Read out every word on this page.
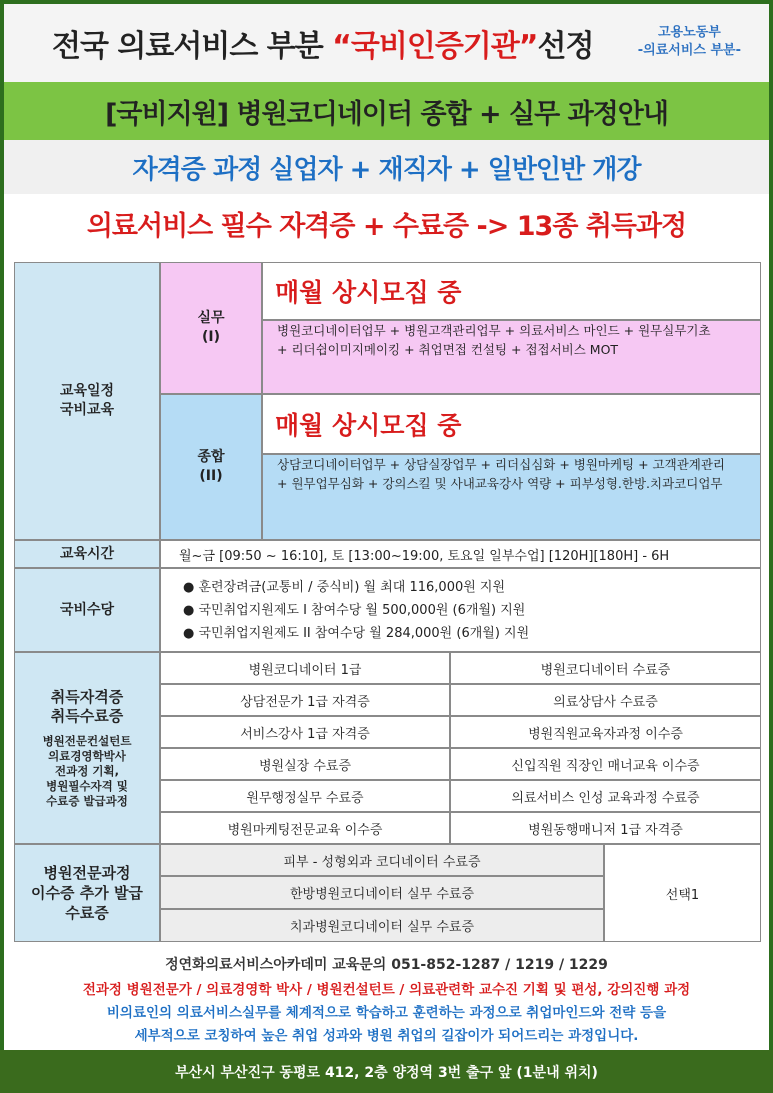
전국 의료서비스 부분 “국비인증기관”선정	고용노동부
-의료서비스 부분-
[국비지원] 병원코디네이터 종합 + 실무 과정안내
자격증 과정 실업자 + 재직자 + 일반인반 개강
의료서비스 필수 자격증 + 수료증 -> 13종 취득과정
교육일정
국비교육
실무
(I)
매월 상시모집 중
병원코디네이터업무 + 병원고객관리업무 + 의료서비스 마인드 + 원무실무기초
+ 리더쉽이미지메이킹 + 취업면접 컨설팅 + 접접서비스 MOT
종합
(II)
매월 상시모집 중
상담코디네이터업무 + 상담실장업무 + 리더십심화 + 병원마케팅 + 고객관계관리
+ 원무업무심화 + 강의스킬 및 사내교육강사 역량 + 피부성형.한방.치과코디업무
교육시간	월~금 [09:50 ~ 16:10], 토 [13:00~19:00, 토요일 일부수업] [120H][180H] - 6H
국비수당
● 훈련장려금(교통비 / 중식비) 월 최대 116,000원 지원
● 국민취업지원제도 I 참여수당 월 500,000원 (6개월) 지원
● 국민취업지원제도 II 참여수당 월 284,000원 (6개월) 지원
취득자격증
취득수료증
병원전문컨설턴트
의료경영학박사
전과정 기획,
병원필수자격 및
수료증 발급과정
병원코디네이터 1급	병원코디네이터 수료증
상담전문가 1급 자격증	의료상담사 수료증
서비스강사 1급 자격증	병원직원교육자과정 이수증
병원실장 수료증	신입직원 직장인 매너교육 이수증
원무행정실무 수료증	의료서비스 인성 교육과정 수료증
병원마케팅전문교육 이수증	병원동행매니저 1급 자격증
병원전문과정
이수증 추가 발급
수료증
피부 - 성형외과 코디네이터 수료증
한방병원코디네이터 실무 수료증
치과병원코디네이터 실무 수료증
선택1
정연화의료서비스아카데미 교육문의 051-852-1287 / 1219 / 1229
전과정 병원전문가 / 의료경영학 박사 / 병원컨설턴트 / 의료관련학 교수진 기획 및 편성, 강의진행 과정
비의료인의 의료서비스실무를 체계적으로 학습하고 훈련하는 과정으로 취업마인드와 전략 등을
세부적으로 코칭하여 높은 취업 성과와 병원 취업의 길잡이가 되어드리는 과정입니다.
부산시 부산진구 동평로 412, 2층 양정역 3번 출구 앞 (1분내 위치)
